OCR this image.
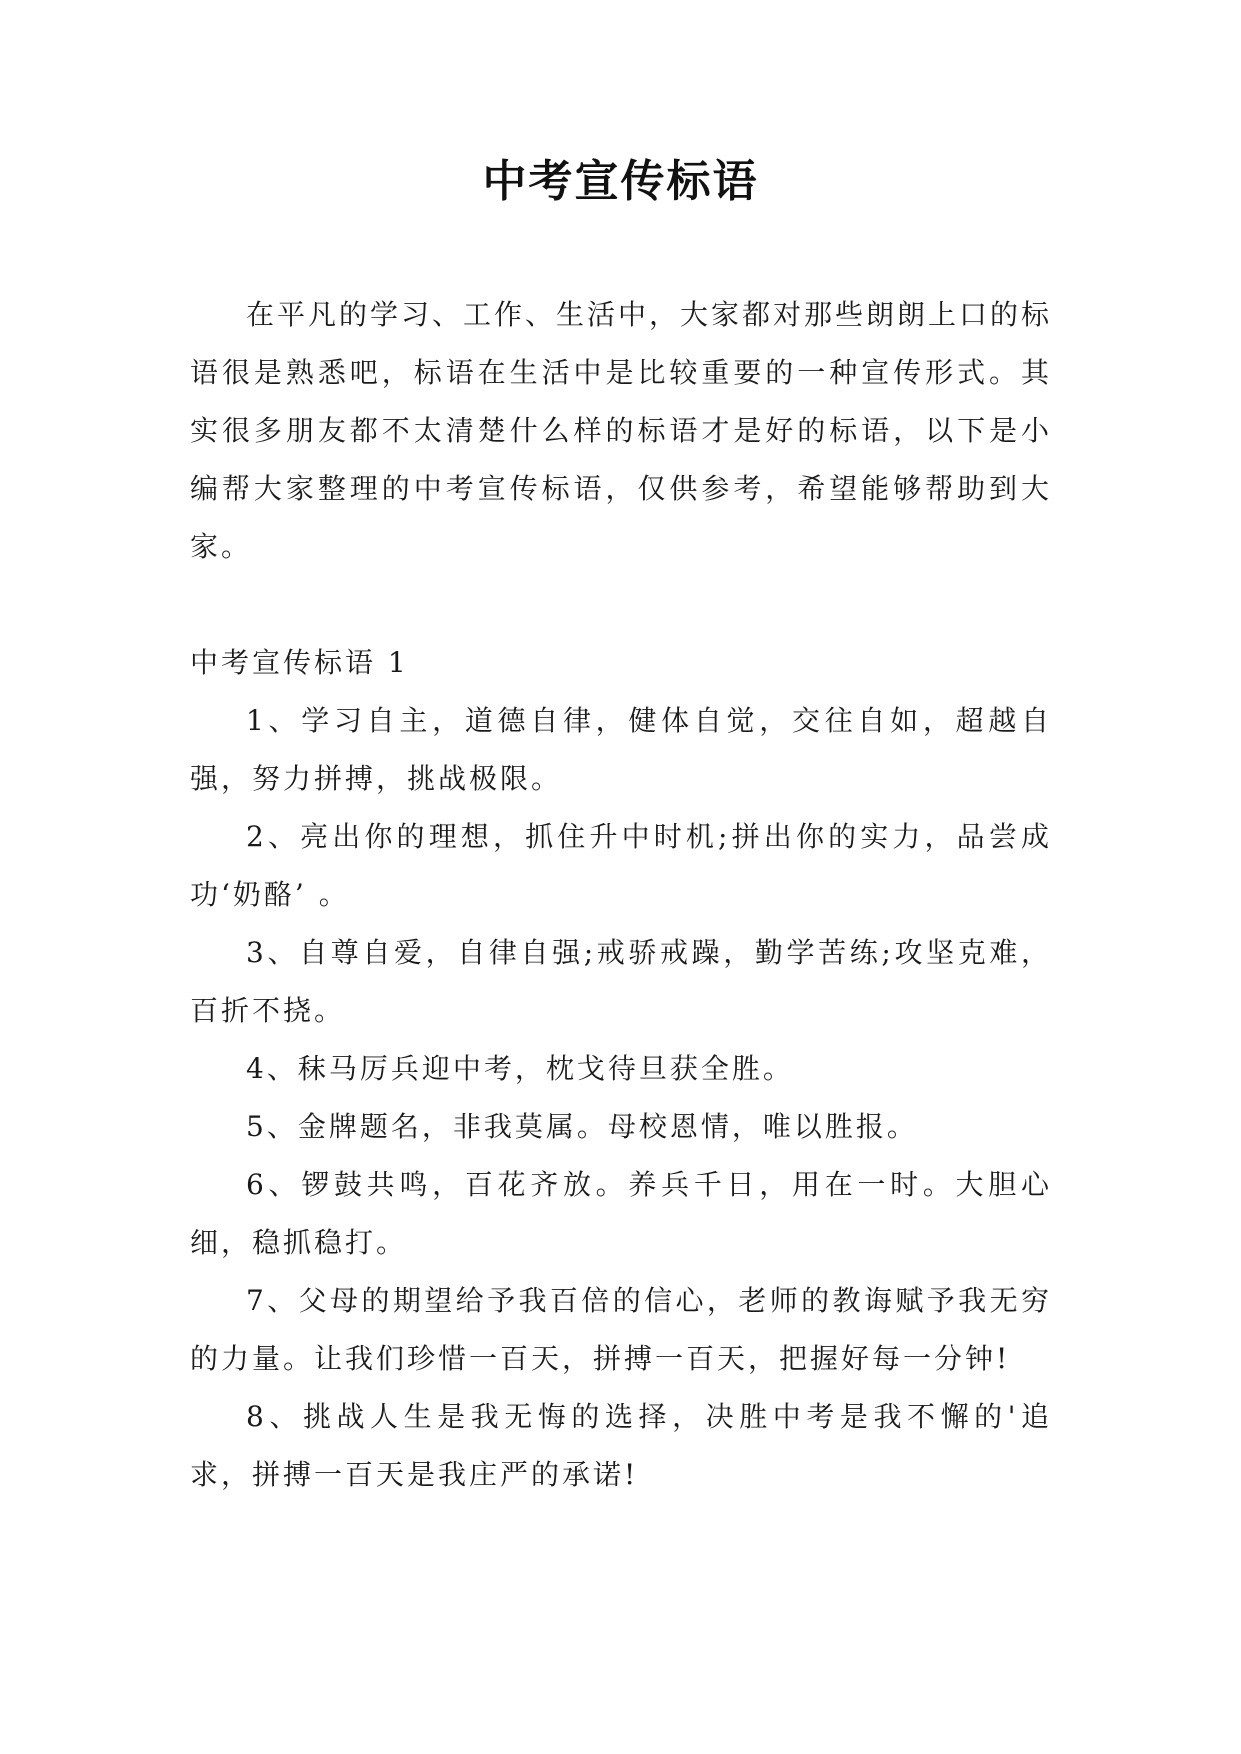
中考宣传标语

在平凡的学习、工作、生活中，大家都对那些朗朗上口的标语很是熟悉吧，标语在生活中是比较重要的一种宣传形式。其实很多朋友都不太清楚什么样的标语才是好的标语，以下是小编帮大家整理的中考宣传标语，仅供参考，希望能够帮助到大家。

中考宣传标语 1

1、学习自主，道德自律，健体自觉，交往自如，超越自强，努力拼搏，挑战极限。

2、亮出你的理想，抓住升中时机;拼出你的实力，品尝成功‘奶酪’ 。

3、自尊自爱，自律自强;戒骄戒躁，勤学苦练;攻坚克难，百折不挠。

4、秣马厉兵迎中考，枕戈待旦获全胜。

5、金牌题名，非我莫属。母校恩情，唯以胜报。

6、锣鼓共鸣，百花齐放。养兵千日，用在一时。大胆心细，稳抓稳打。

7、父母的期望给予我百倍的信心，老师的教诲赋予我无穷的力量。让我们珍惜一百天，拼搏一百天，把握好每一分钟!

8、挑战人生是我无悔的选择，决胜中考是我不懈的'追求，拼搏一百天是我庄严的承诺!
